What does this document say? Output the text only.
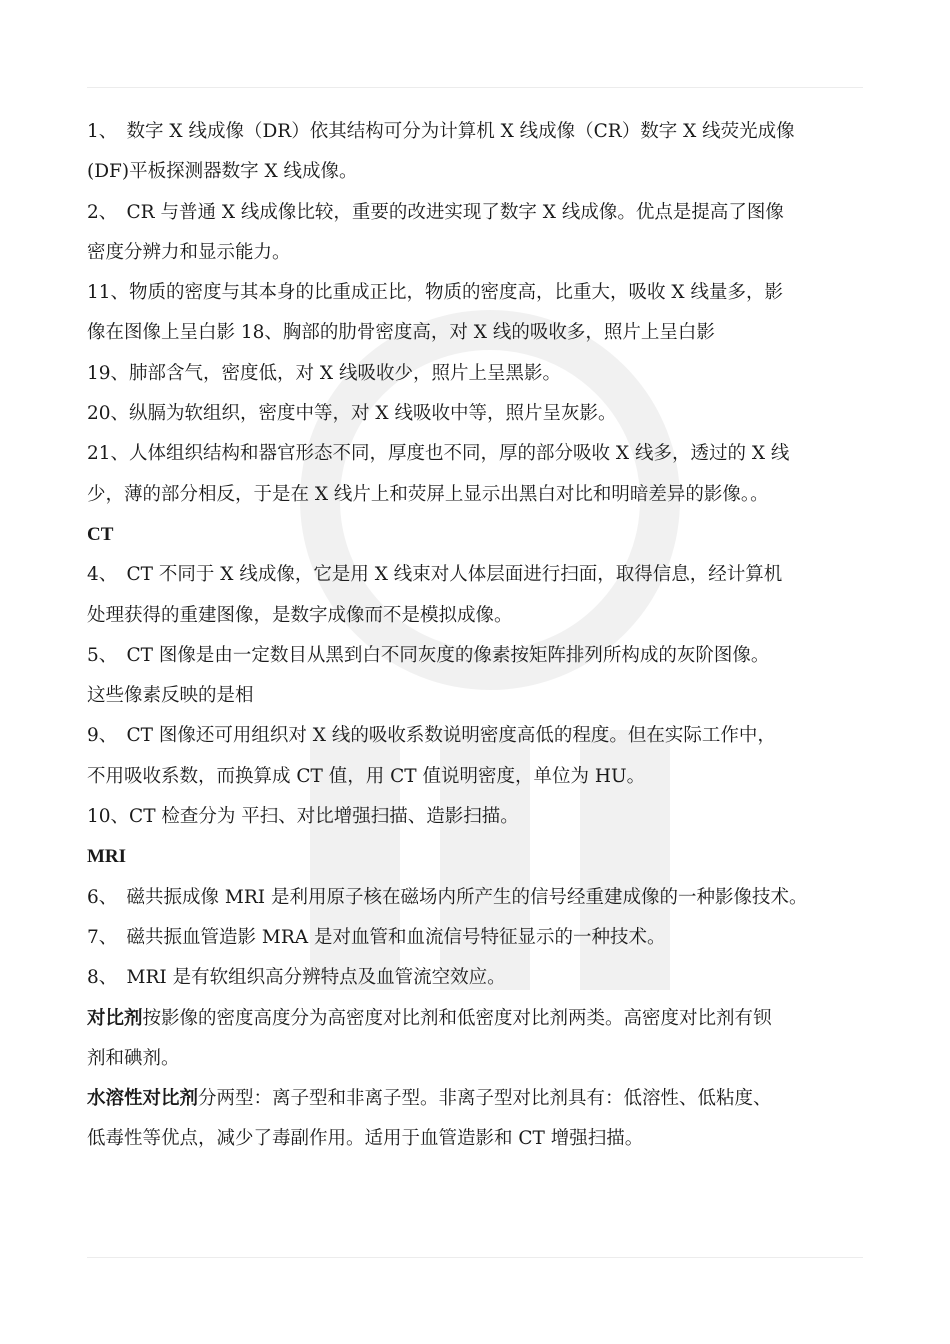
1、　数字 X 线成像（DR）依其结构可分为计算机 X 线成像（CR）数字 X 线荧光成像
(DF)平板探测器数字 X 线成像。
2、　CR 与普通 X 线成像比较，重要的改进实现了数字 X 线成像。优点是提高了图像
密度分辨力和显示能力。
11、物质的密度与其本身的比重成正比，物质的密度高，比重大，吸收 X 线量多，影
像在图像上呈白影 18、胸部的肋骨密度高，对 X 线的吸收多，照片上呈白影
19、肺部含气，密度低，对 X 线吸收少，照片上呈黑影。
20、纵膈为软组织，密度中等，对 X 线吸收中等，照片呈灰影。
21、人体组织结构和器官形态不同，厚度也不同，厚的部分吸收 X 线多，透过的 X 线
少，薄的部分相反，于是在 X 线片上和荧屏上显示出黑白对比和明暗差异的影像。。
CT
4、　CT 不同于 X 线成像，它是用 X 线束对人体层面进行扫面，取得信息，经计算机
处理获得的重建图像，是数字成像而不是模拟成像。
5、　CT 图像是由一定数目从黑到白不同灰度的像素按矩阵排列所构成的灰阶图像。
这些像素反映的是相
9、　CT 图像还可用组织对 X 线的吸收系数说明密度高低的程度。但在实际工作中，
不用吸收系数，而换算成 CT 值，用 CT 值说明密度，单位为 HU。
10、CT 检查分为 平扫、对比增强扫描、造影扫描。
MRI
6、　磁共振成像 MRI 是利用原子核在磁场内所产生的信号经重建成像的一种影像技术。
7、　磁共振血管造影 MRA 是对血管和血流信号特征显示的一种技术。
8、　MRI 是有软组织高分辨特点及血管流空效应。
对比剂按影像的密度高度分为高密度对比剂和低密度对比剂两类。高密度对比剂有钡
剂和碘剂。
水溶性对比剂分两型：离子型和非离子型。非离子型对比剂具有：低溶性、低粘度、
低毒性等优点，减少了毒副作用。适用于血管造影和 CT 增强扫描。
